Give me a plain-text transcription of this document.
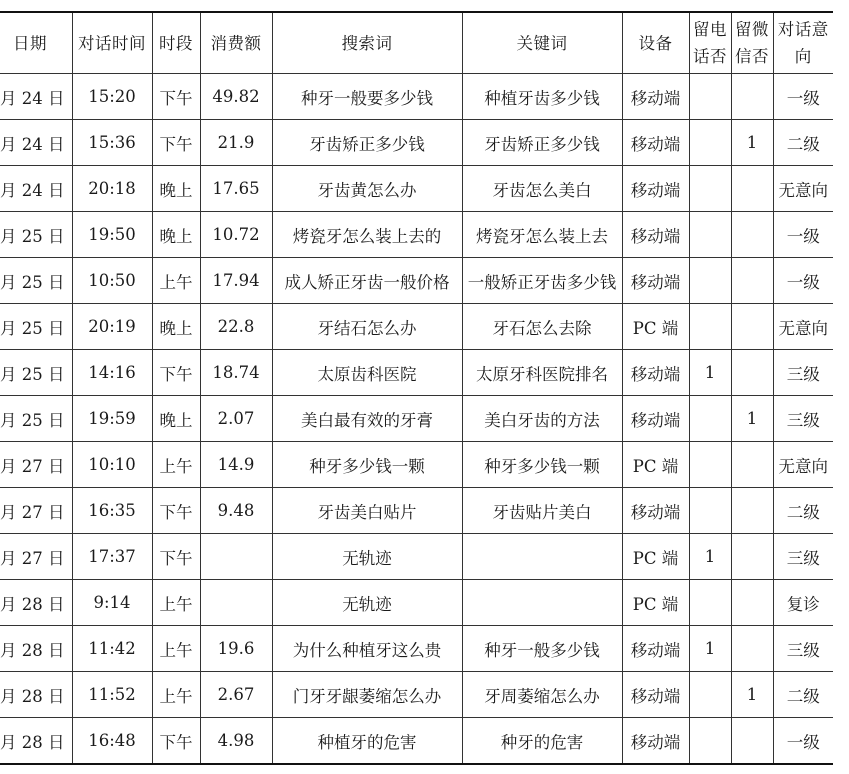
日期	对话时间	时段	消费额	搜索词	关键词	设备	留电话否	留微信否	对话意向
月 24 日	15:20	下午	49.82	种牙一般要多少钱	种植牙齿多少钱	移动端			一级
月 24 日	15:36	下午	21.9	牙齿矫正多少钱	牙齿矫正多少钱	移动端		1	二级
月 24 日	20:18	晚上	17.65	牙齿黄怎么办	牙齿怎么美白	移动端			无意向
月 25 日	19:50	晚上	10.72	烤瓷牙怎么装上去的	烤瓷牙怎么装上去	移动端			一级
月 25 日	10:50	上午	17.94	成人矫正牙齿一般价格	一般矫正牙齿多少钱	移动端			一级
月 25 日	20:19	晚上	22.8	牙结石怎么办	牙石怎么去除	PC 端			无意向
月 25 日	14:16	下午	18.74	太原齿科医院	太原牙科医院排名	移动端	1		三级
月 25 日	19:59	晚上	2.07	美白最有效的牙膏	美白牙齿的方法	移动端		1	三级
月 27 日	10:10	上午	14.9	种牙多少钱一颗	种牙多少钱一颗	PC 端			无意向
月 27 日	16:35	下午	9.48	牙齿美白贴片	牙齿贴片美白	移动端			二级
月 27 日	17:37	下午		无轨迹		PC 端	1		三级
月 28 日	9:14	上午		无轨迹		PC 端			复诊
月 28 日	11:42	上午	19.6	为什么种植牙这么贵	种牙一般多少钱	移动端	1		三级
月 28 日	11:52	上午	2.67	门牙牙龈萎缩怎么办	牙周萎缩怎么办	移动端		1	二级
月 28 日	16:48	下午	4.98	种植牙的危害	种牙的危害	移动端			一级
